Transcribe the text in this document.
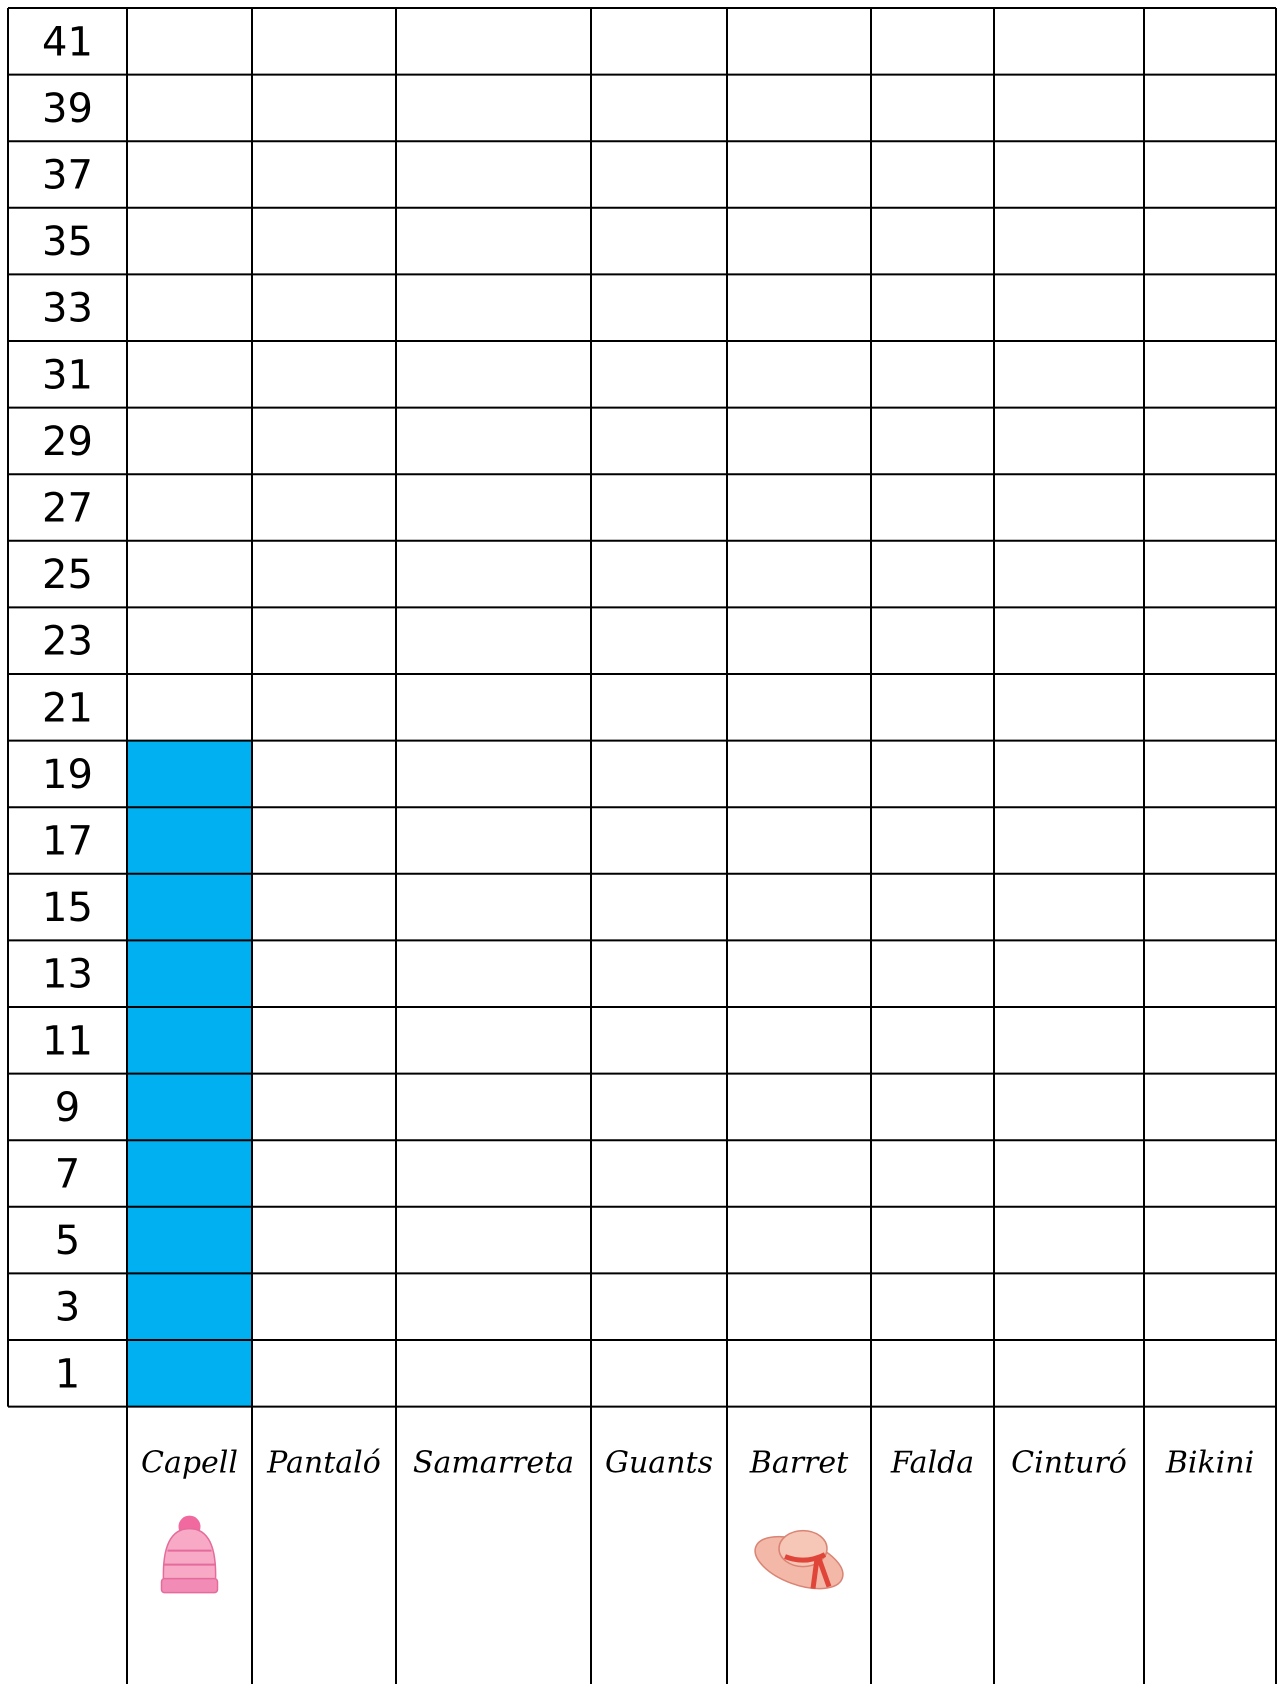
41
39
37
35
33
31
29
27
25
23
21
19
17
15
13
11
9
7
5
3
1
Capell Pantaló Samarreta Guants Barret Falda Cinturó Bikini
